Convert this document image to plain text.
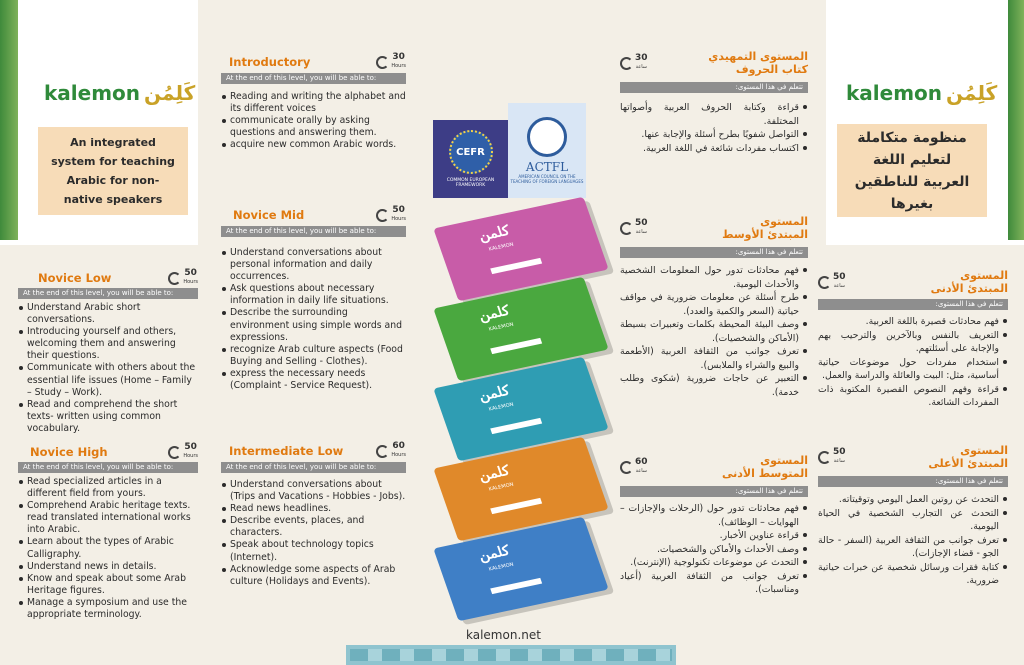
kalemon كَلِمُن
An integrated system for teaching Arabic for non-native speakers
kalemon كَلِمُن
منظومة متكاملة لتعليم اللغة العربية للناطقين بغيرها
Novice Low	50
Hours
At the end of this level, you will be able to:
Understand Arabic short conversations.
Introducing yourself and others, welcoming them and answering their questions.
Communicate with others about the essential life issues (Home – Family – Study – Work).
Read and comprehend the short texts- written using common vocabulary.
Novice High	50
Hours
At the end of this level, you will be able to:
Read specialized articles in a different field from yours.
Comprehend Arabic heritage texts. read translated international works into Arabic.
Learn about the types of Arabic Calligraphy.
Understand news in details.
Know and speak about some Arab Heritage figures.
Manage a symposium and use the appropriate terminology.
Introductory	30
Hours
At the end of this level, you will be able to:
Reading and writing the alphabet and its different voices
communicate orally by asking questions and answering them.
acquire new common Arabic words.
Novice Mid	50
Hours
At the end of this level, you will be able to:
Understand conversations about personal information and daily occurrences.
Ask questions about necessary information in daily life situations.
Describe the surrounding environment using simple words and expressions.
recognize Arab culture aspects (Food Buying and Selling - Clothes).
express the necessary needs (Complaint - Service Request).
Intermediate Low	60
Hours
At the end of this level, you will be able to:
Understand conversations about (Trips and Vacations - Hobbies - Jobs).
Read news headlines.
Describe events, places, and characters.
Speak about technology topics (Internet).
Acknowledge some aspects of Arab culture (Holidays and Events).
CEFR
COMMON EUROPEAN FRAMEWORK
ACTFL
AMERICAN COUNCIL ON THE TEACHING OF FOREIGN LANGUAGES
كلمن
KALEMON
كلمن
KALEMON
كلمن
KALEMON
كلمن
KALEMON
كلمن
KALEMON
kalemon.net
30
ساعة
المستوى التمهيدي كتاب الحروف
تتعلم في هذا المستوى:
قراءة وكتابة الحروف العربية وأصواتها المختلفة.
التواصل شفويًا بطرح أسئلة والإجابة عنها.
اكتساب مفردات شائعة في اللغة العربية.
50
ساعة
المستوى المبتدئ الأوسط
تتعلم في هذا المستوى:
فهم محادثات تدور حول المعلومات الشخصية والأحداث اليومية.
طرح أسئلة عن معلومات ضرورية في مواقف حياتية (السعر والكمية والعدد).
وصف البيئة المحيطة بكلمات وتعبيرات بسيطة (الأماكن والشخصيات).
تعرف جوانب من الثقافة العربية (الأطعمة والبيع والشراء والملابس).
التعبير عن حاجات ضرورية (شكوى وطلب خدمة).
60
ساعة
المستوى المتوسط الأدنى
تتعلم في هذا المستوى:
فهم محادثات تدور حول (الرحلات والإجازات – الهوايات – الوظائف).
قراءة عناوين الأخبار.
وصف الأحداث والأماكن والشخصيات.
التحدث عن موضوعات تكنولوجية (الإنترنت).
تعرف جوانب من الثقافة العربية (أعياد ومناسبات).
50
ساعة
المستوى المبتدئ الأدنى
تتعلم في هذا المستوى:
فهم محادثات قصيرة باللغة العربية.
التعريف بالنفس وبالآخرين والترحيب بهم والإجابة على أسئلتهم.
استخدام مفردات حول موضوعات حياتية أساسية، مثل: البيت والعائلة والدراسة والعمل.
قراءة وفهم النصوص القصيرة المكتوبة ذات المفردات الشائعة.
50
ساعة
المستوى المبتدئ الأعلى
تتعلم في هذا المستوى:
التحدث عن روتين العمل اليومي وتوقيتاته.
التحدث عن التجارب الشخصية في الحياة اليومية.
تعرف جوانب من الثقافة العربية (السفر - حالة الجو - قضاء الإجازات).
كتابة فقرات ورسائل شخصية عن خبرات حياتية ضرورية.
